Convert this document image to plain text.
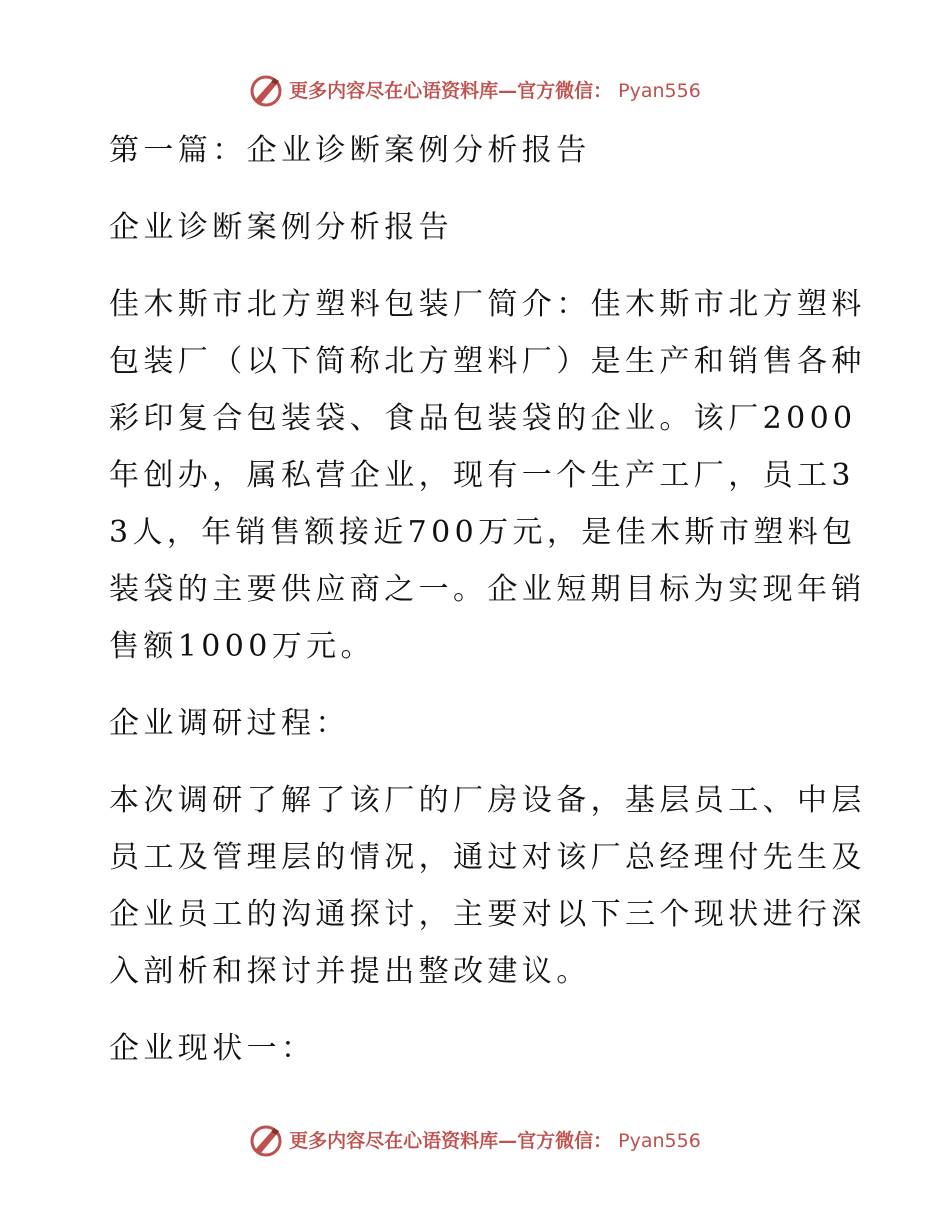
更多内容尽在心语资料库—官方微信： Pyan556

第一篇：企业诊断案例分析报告

企业诊断案例分析报告

佳木斯市北方塑料包装厂简介：佳木斯市北方塑料包装厂（以下简称北方塑料厂）是生产和销售各种彩印复合包装袋、食品包装袋的企业。该厂2000年创办，属私营企业，现有一个生产工厂，员工33人，年销售额接近700万元，是佳木斯市塑料包装袋的主要供应商之一。企业短期目标为实现年销售额1000万元。

企业调研过程：

本次调研了解了该厂的厂房设备，基层员工、中层员工及管理层的情况，通过对该厂总经理付先生及企业员工的沟通探讨，主要对以下三个现状进行深入剖析和探讨并提出整改建议。

企业现状一：

更多内容尽在心语资料库—官方微信： Pyan556
